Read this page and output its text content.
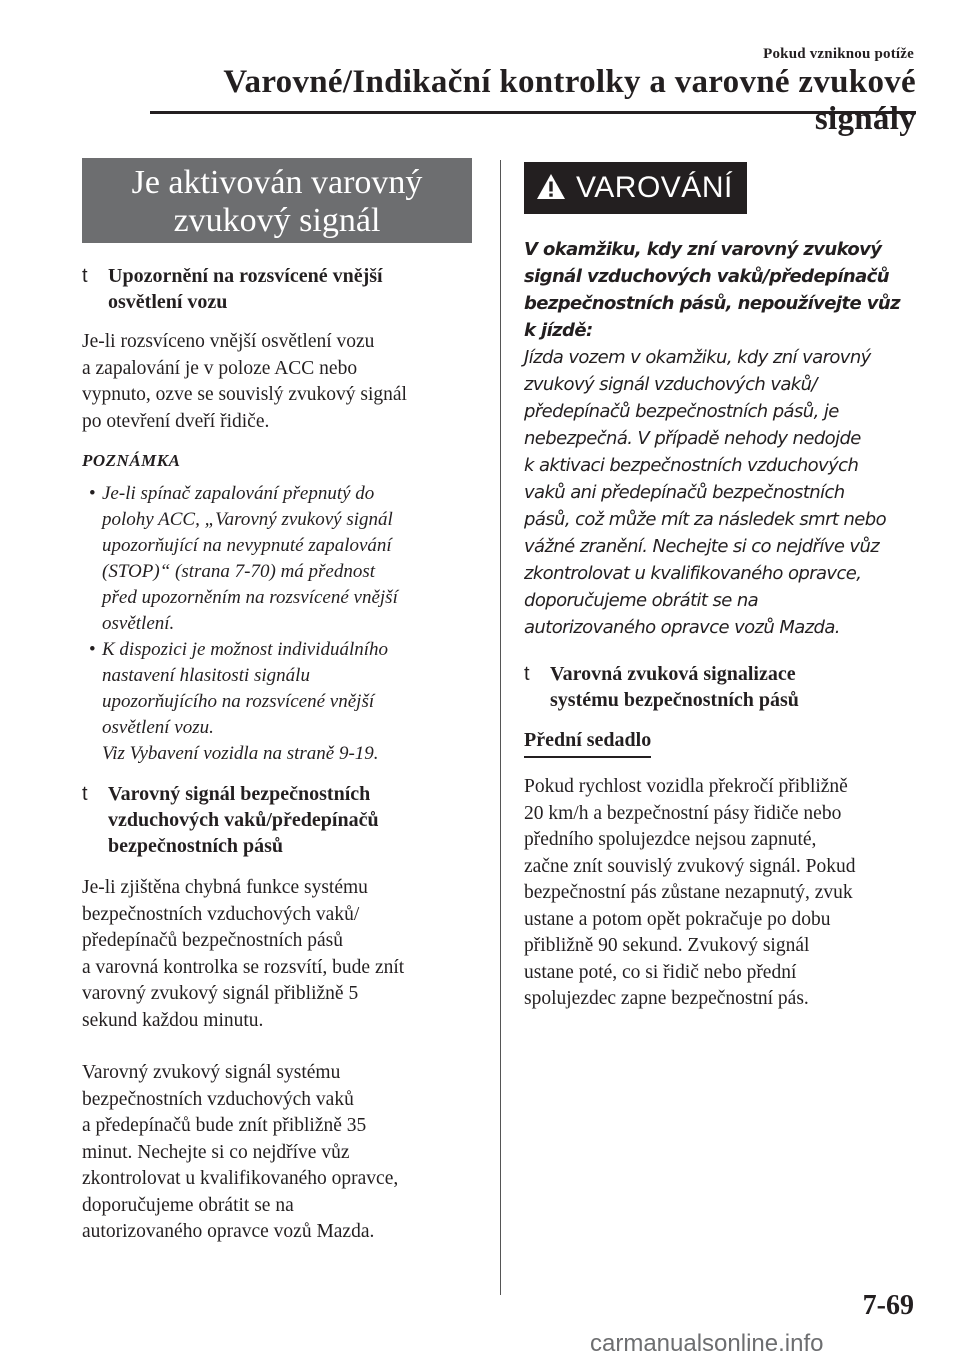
Pokud vzniknou potíže
Varovné/Indikační kontrolky a varovné zvukové signály
Je aktivován varovný
zvukový signál
t Upozornění na rozsvícené vnější
osvětlení vozu
Je-li rozsvíceno vnější osvětlení vozu
a zapalování je v poloze ACC nebo
vypnuto, ozve se souvislý zvukový signál
po otevření dveří řidiče.
POZNÁMKA
• Je-li spínač zapalování přepnutý do
polohy ACC, „Varovný zvukový signál
upozorňující na nevypnuté zapalování
(STOP)“ (strana 7-70) má přednost
před upozorněním na rozsvícené vnější
osvětlení.
• K dispozici je možnost individuálního
nastavení hlasitosti signálu
upozorňujícího na rozsvícené vnější
osvětlení vozu.
Viz Vybavení vozidla na straně 9-19.
t Varovný signál bezpečnostních
vzduchových vaků/předepínačů
bezpečnostních pásů
Je-li zjištěna chybná funkce systému
bezpečnostních vzduchových vaků/
předepínačů bezpečnostních pásů
a varovná kontrolka se rozsvítí, bude znít
varovný zvukový signál přibližně 5
sekund každou minutu.
Varovný zvukový signál systému
bezpečnostních vzduchových vaků
a předepínačů bude znít přibližně 35
minut. Nechejte si co nejdříve vůz
zkontrolovat u kvalifikovaného opravce,
doporučujeme obrátit se na
autorizovaného opravce vozů Mazda.
VAROVÁNÍ
V okamžiku, kdy zní varovný zvukový
signál vzduchových vaků/předepínačů
bezpečnostních pásů, nepoužívejte vůz
k jízdě:
Jízda vozem v okamžiku, kdy zní varovný
zvukový signál vzduchových vaků/
předepínačů bezpečnostních pásů, je
nebezpečná. V případě nehody nedojde
k aktivaci bezpečnostních vzduchových
vaků ani předepínačů bezpečnostních
pásů, což může mít za následek smrt nebo
vážné zranění. Nechejte si co nejdříve vůz
zkontrolovat u kvalifikovaného opravce,
doporučujeme obrátit se na
autorizovaného opravce vozů Mazda.
t Varovná zvuková signalizace
systému bezpečnostních pásů
Přední sedadlo
Pokud rychlost vozidla překročí přibližně
20 km/h a bezpečnostní pásy řidiče nebo
předního spolujezdce nejsou zapnuté,
začne znít souvislý zvukový signál. Pokud
bezpečnostní pás zůstane nezapnutý, zvuk
ustane a potom opět pokračuje po dobu
přibližně 90 sekund. Zvukový signál
ustane poté, co si řidič nebo přední
spolujezdec zapne bezpečnostní pás.
7-69
carmanualsonline.info
